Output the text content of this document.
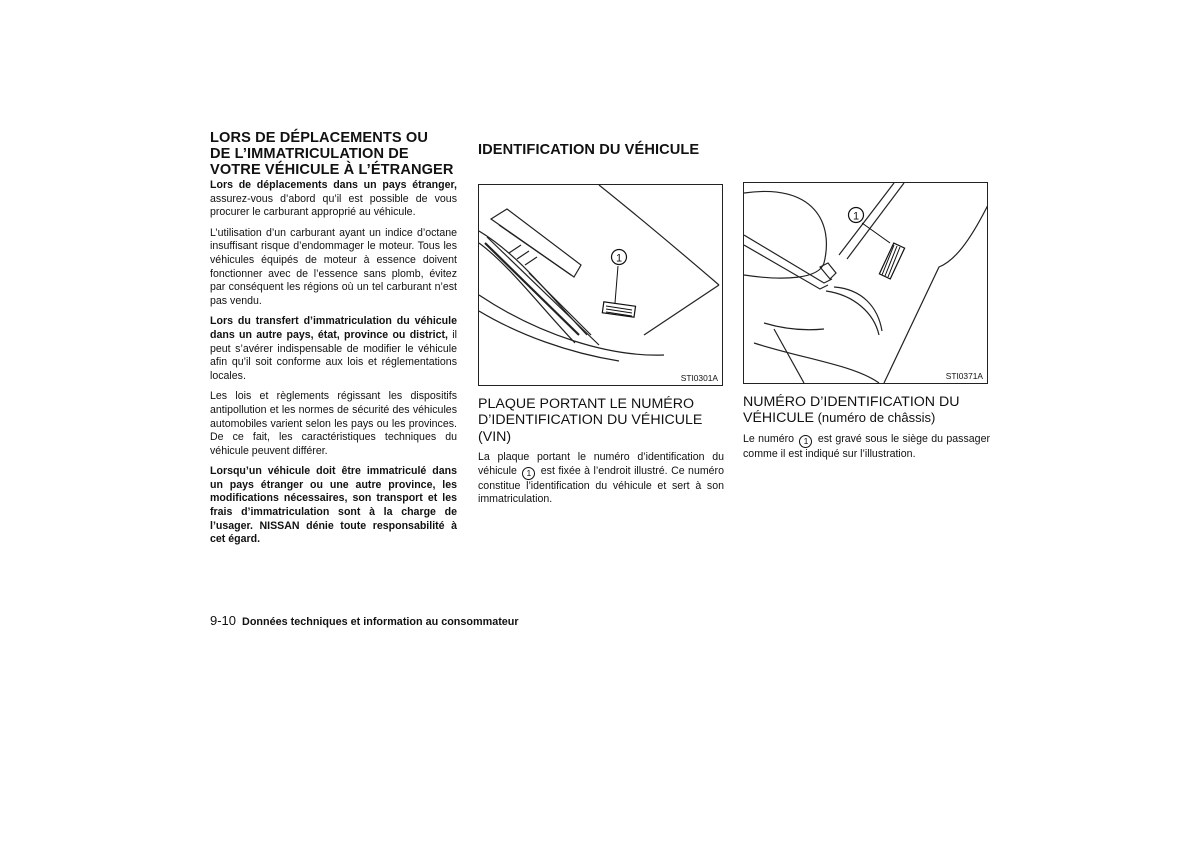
LORS DE DÉPLACEMENTS OU
DE L’IMMATRICULATION DE
VOTRE VÉHICULE À L’ÉTRANGER

Lors de déplacements dans un pays étranger, assurez-vous d’abord qu’il est possible de vous procurer le carburant approprié au véhicule.

L’utilisation d’un carburant ayant un indice d’octane insuffisant risque d’endommager le moteur. Tous les véhicules équipés de moteur à essence doivent fonctionner avec de l’essence sans plomb, évitez par conséquent les régions où un tel carburant n’est pas vendu.

Lors du transfert d’immatriculation du véhicule dans un autre pays, état, province ou district, il peut s’avérer indispensable de modifier le véhicule afin qu’il soit conforme aux lois et réglementations locales.

Les lois et règlements régissant les dispositifs antipollution et les normes de sécurité des véhicules automobiles varient selon les pays ou les provinces. De ce fait, les caractéristiques techniques du véhicule peuvent différer.

Lorsqu’un véhicule doit être immatriculé dans un pays étranger ou une autre province, les modifications nécessaires, son transport et les frais d’immatriculation sont à la charge de l’usager. NISSAN dénie toute responsabilité à cet égard.

IDENTIFICATION DU VÉHICULE
1
STI0301A
PLAQUE PORTANT LE NUMÉRO D’IDENTIFICATION DU VÉHICULE (VIN)

La plaque portant le numéro d’identification du véhicule 1 est fixée à l’endroit illustré. Ce numéro constitue l’identification du véhicule et sert à son immatriculation.

1
STI0371A
NUMÉRO D’IDENTIFICATION DU VÉHICULE (numéro de châssis)

Le numéro 1 est gravé sous le siège du passager comme il est indiqué sur l’illustration.

9-10 Données techniques et information au consommateur
